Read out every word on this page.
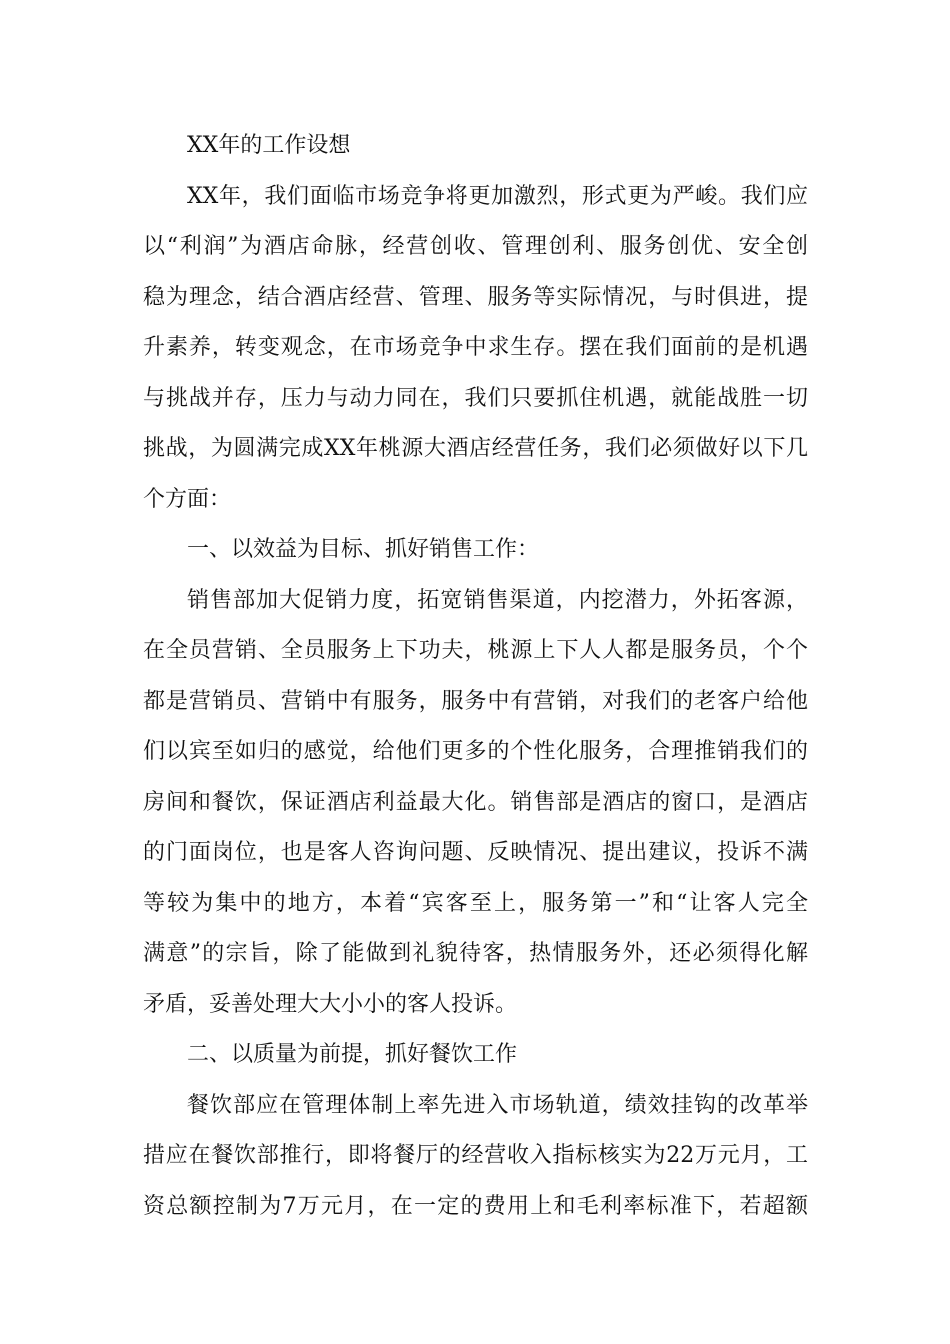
XX年的工作设想
XX年，我们面临市场竞争将更加激烈，形式更为严峻。我们应
以“利润”为酒店命脉，经营创收、管理创利、服务创优、安全创
稳为理念，结合酒店经营、管理、服务等实际情况，与时俱进，提
升素养，转变观念，在市场竞争中求生存。摆在我们面前的是机遇
与挑战并存，压力与动力同在，我们只要抓住机遇，就能战胜一切
挑战，为圆满完成XX年桃源大酒店经营任务，我们必须做好以下几
个方面：
一、以效益为目标、抓好销售工作：
销售部加大促销力度，拓宽销售渠道，内挖潜力，外拓客源，
在全员营销、全员服务上下功夫，桃源上下人人都是服务员，个个
都是营销员、营销中有服务，服务中有营销，对我们的老客户给他
们以宾至如归的感觉，给他们更多的个性化服务，合理推销我们的
房间和餐饮，保证酒店利益最大化。销售部是酒店的窗口，是酒店
的门面岗位，也是客人咨询问题、反映情况、提出建议，投诉不满
等较为集中的地方，本着“宾客至上，服务第一”和“让客人完全
满意”的宗旨，除了能做到礼貌待客，热情服务外，还必须得化解
矛盾，妥善处理大大小小的客人投诉。
二、以质量为前提，抓好餐饮工作
餐饮部应在管理体制上率先进入市场轨道，绩效挂钩的改革举
措应在餐饮部推行，即将餐厅的经营收入指标核实为22万元月，工
资总额控制为7万元月，在一定的费用上和毛利率标准下，若超额
